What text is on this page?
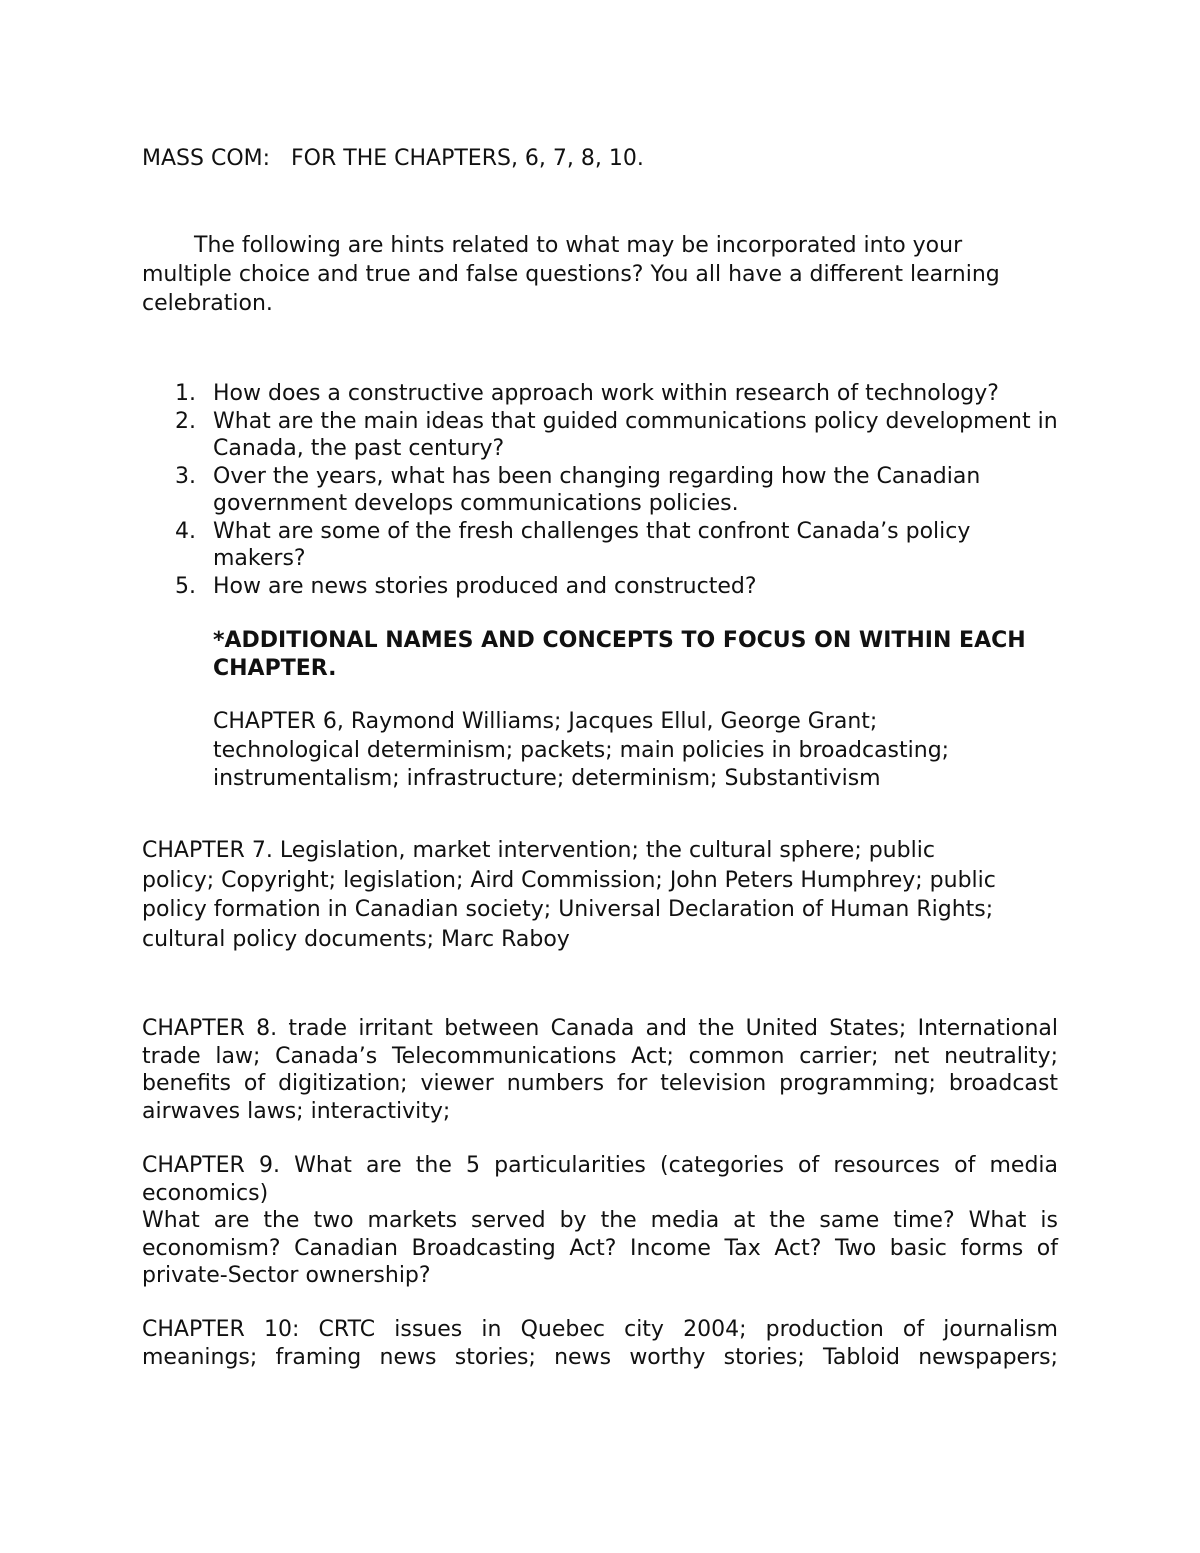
MASS COM:   FOR THE CHAPTERS, 6, 7, 8, 10.

The following are hints related to what may be incorporated into your multiple choice and true and false questions? You all have a different learning celebration.

1. How does a constructive approach work within research of technology?
2. What are the main ideas that guided communications policy development in Canada, the past century?
3. Over the years, what has been changing regarding how the Canadian government develops communications policies.
4. What are some of the fresh challenges that confront Canada’s policy makers?
5. How are news stories produced and constructed?

*ADDITIONAL NAMES AND CONCEPTS TO FOCUS ON WITHIN EACH CHAPTER.

CHAPTER 6, Raymond Williams; Jacques Ellul, George Grant;
technological determinism; packets; main policies in broadcasting;
instrumentalism; infrastructure; determinism; Substantivism

CHAPTER 7. Legislation, market intervention; the cultural sphere; public
policy; Copyright; legislation; Aird Commission; John Peters Humphrey; public
policy formation in Canadian society; Universal Declaration of Human Rights;
cultural policy documents; Marc Raboy

CHAPTER 8. trade irritant between Canada and the United States; International trade law; Canada’s Telecommunications Act; common carrier; net neutrality; benefits of digitization; viewer numbers for television programming; broadcast airwaves laws; interactivity;

CHAPTER 9. What are the 5 particularities (categories of resources of media economics)
What are the two markets served by the media at the same time? What is economism? Canadian Broadcasting Act? Income Tax Act? Two basic forms of private-Sector ownership?

CHAPTER 10: CRTC issues in Quebec city 2004; production of journalism meanings; framing news stories; news worthy stories; Tabloid newspapers;
